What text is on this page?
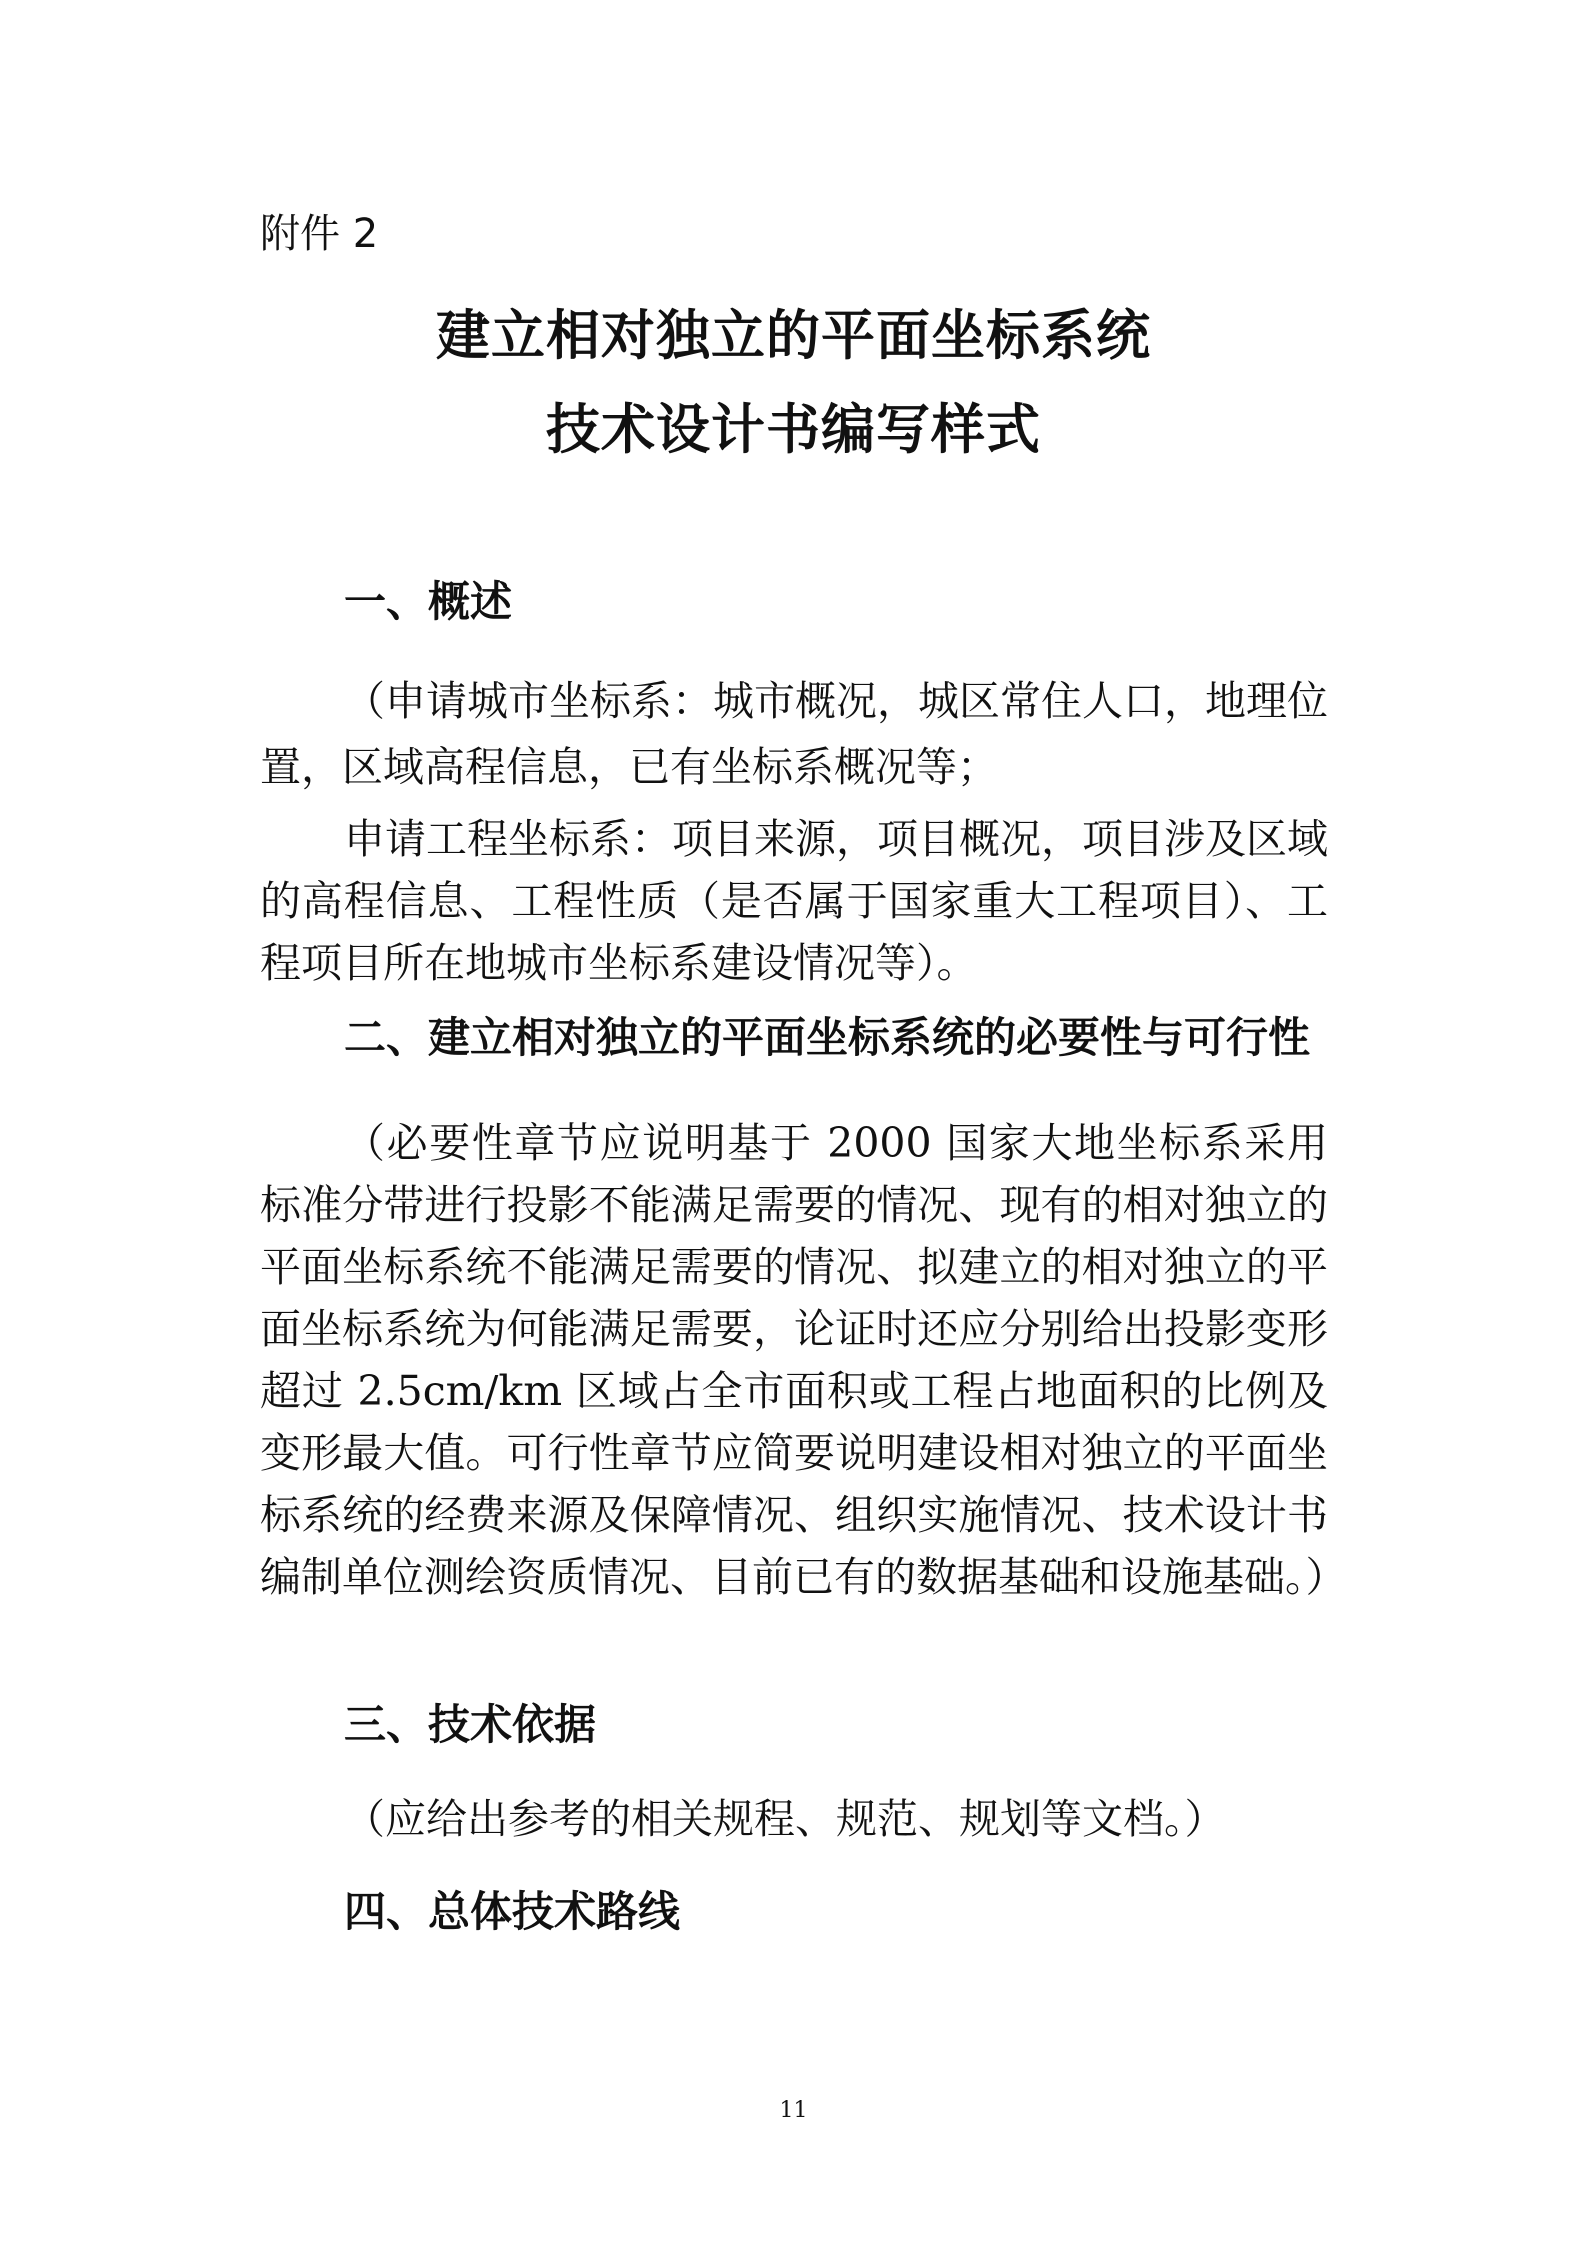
附件 2
建立相对独立的平面坐标系统
技术设计书编写样式
一、概述

（申请城市坐标系：城市概况，城区常住人口，地理位置，区域高程信息，已有坐标系概况等；

申请工程坐标系：项目来源，项目概况，项目涉及区域的高程信息、工程性质（是否属于国家重大工程项目）、工程项目所在地城市坐标系建设情况等）。

二、建立相对独立的平面坐标系统的必要性与可行性

（必要性章节应说明基于 2000 国家大地坐标系采用标准分带进行投影不能满足需要的情况、现有的相对独立的平面坐标系统不能满足需要的情况、拟建立的相对独立的平面坐标系统为何能满足需要，论证时还应分别给出投影变形超过 2.5cm/km 区域占全市面积或工程占地面积的比例及变形最大值。可行性章节应简要说明建设相对独立的平面坐标系统的经费来源及保障情况、组织实施情况、技术设计书编制单位测绘资质情况、目前已有的数据基础和设施基础。）

三、技术依据

（应给出参考的相关规程、规范、规划等文档。）

四、总体技术路线
11
